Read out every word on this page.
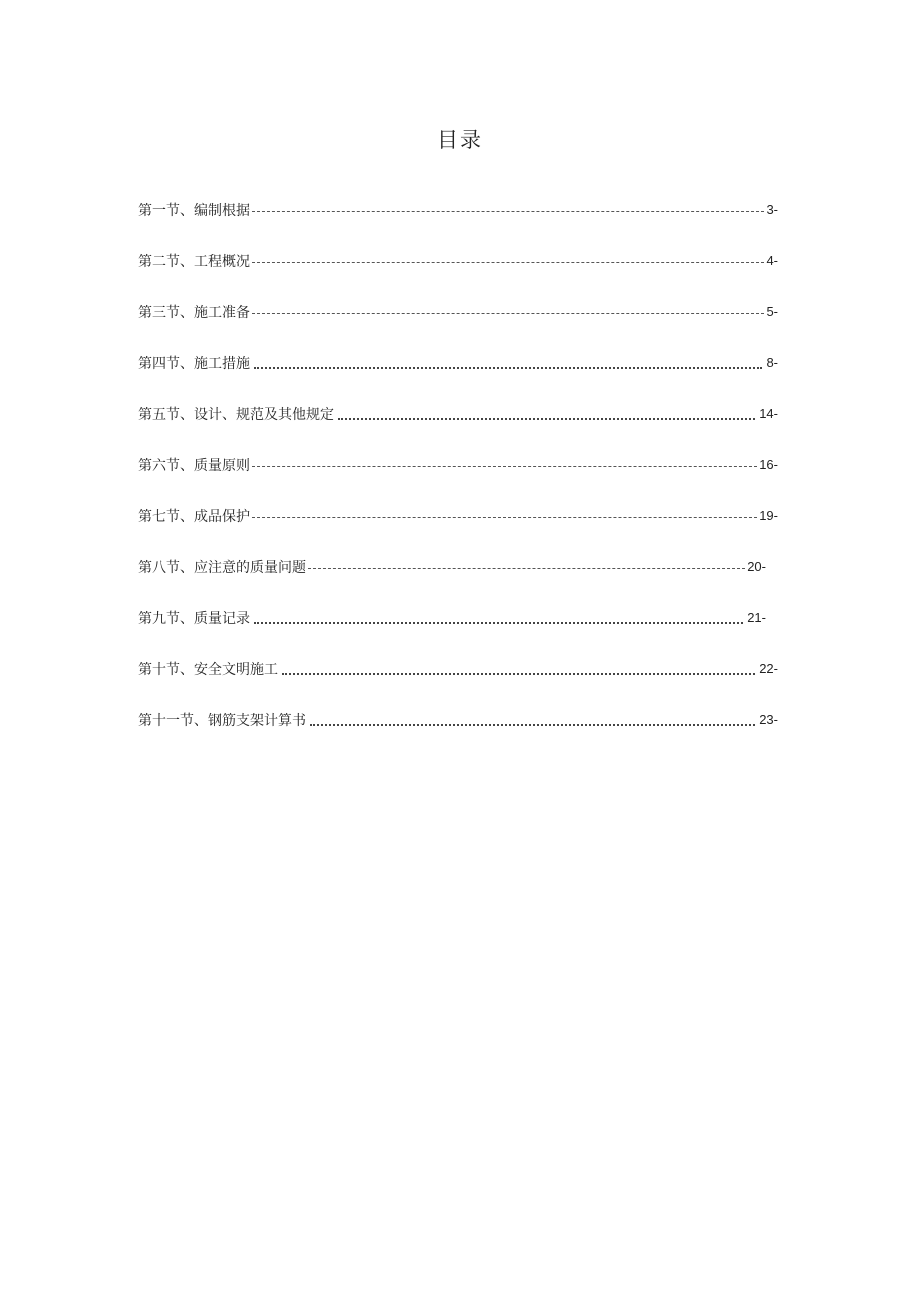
目录
第一节、编制根据	3-
第二节、工程概况	4-
第三节、施工准备	5-
第四节、施工措施	8-
第五节、设计、规范及其他规定	14-
第六节、质量原则	16-
第七节、成品保护	19-
第八节、应注意的质量问题	20-
第九节、质量记录	21-
第十节、安全文明施工	22-
第十一节、钢筋支架计算书	23-
